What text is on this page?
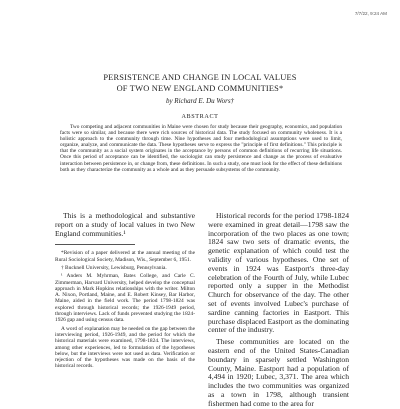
7/7/22, 9:24 AM
PERSISTENCE AND CHANGE IN LOCAL VALUES
OF TWO NEW ENGLAND COMMUNITIES*

by Richard E. Du Wors†

ABSTRACT

Two competing and adjacent communities in Maine were chosen for study because their geography, economics, and population facts were so similar, and because there were rich sources of historical data. The study focused on community wholeness. It is a holistic approach to the community through time. Nine hypotheses and four methodological assumptions were used to limit, organize, analyze, and communicate the data. These hypotheses serve to express the "principle of first definitions." This principle is that the community as a social system originates in the acceptance by persons of common definitions of recurring life situations. Once this period of acceptance can be identified, the sociologist can study persistence and change as the process of evaluative interaction between persistence in, or change from, these definitions. In such a study, one must look for the effect of these definitions both as they characterize the community as a whole and as they persuade subsystems of the community.

This is a methodological and substantive report on a study of local values in two New England communities.¹

*Revision of a paper delivered at the annual meeting of the Rural Sociological Society, Madison, Wis., September 6, 1951.

† Bucknell University, Lewisburg, Pennsylvania.

¹ Anders M. Myhrman, Bates College, and Carle C. Zimmerman, Harvard University, helped develop the conceptual approach in Mark Hopkins relationships with the writer. Milton A. Nixon, Portland, Maine, and E. Robert Kinsey, Bar Harbor, Maine, aided in the field work. The period 1798-1824 was explored through historical records; the 1926-1949 period, through interviews. Lack of funds prevented studying the 1824-1926 gap and using census data.

A word of explanation may be needed on the gap between the interviewing period, 1926-1949, and the period for which the historical materials were examined, 1798-1824. The interviews, among other experiences, led to formulation of the hypotheses below, but the interviews were not used as data. Verification or rejection of the hypotheses was made on the basis of the historical records.

Historical records for the period 1798-1824 were examined in great detail—1798 saw the incorporation of the two places as one town; 1824 saw two sets of dramatic events, the genetic explanation of which could test the validity of various hypotheses. One set of events in 1924 was Eastport's three-day celebration of the Fourth of July, while Lubec reported only a supper in the Methodist Church for observance of the day. The other set of events involved Lubec's purchase of sardine canning factories in Eastport. This purchase displaced Eastport as the dominating center of the industry.

These communities are located on the eastern end of the United States-Canadian boundary in sparsely settled Washington County, Maine. Eastport had a population of 4,494 in 1920; Lubec, 3,371. The area which includes the two communities was organized as a town in 1798, although transient fishermen had come to the area for
